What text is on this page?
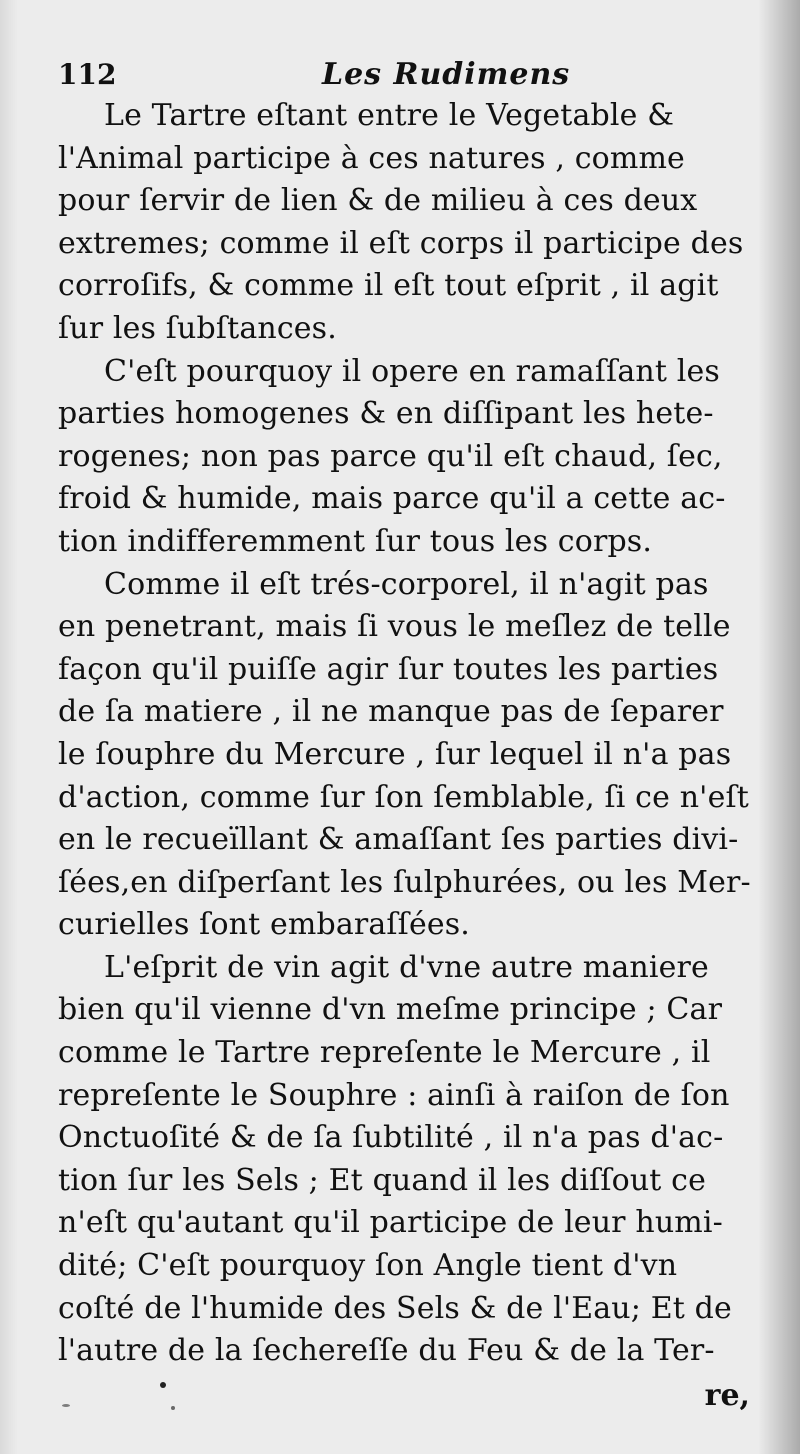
112	Les Rudimens
Le Tartre eſtant entre le Vegetable &
l'Animal participe à ces natures , comme
pour ſervir de lien & de milieu à ces deux
extremes; comme il eſt corps il participe des
corroſifs, & comme il eſt tout eſprit , il agit
ſur les ſubſtances.
C'eſt pourquoy il opere en ramaſſant les
parties homogenes & en diſſipant les hete-
rogenes; non pas parce qu'il eſt chaud, ſec,
froid & humide, mais parce qu'il a cette ac-
tion indifferemment ſur tous les corps.
Comme il eſt trés-corporel, il n'agit pas
en penetrant, mais ſi vous le meſlez de telle
façon qu'il puiſſe agir ſur toutes les parties
de ſa matiere , il ne manque pas de ſeparer
le ſouphre du Mercure , ſur lequel il n'a pas
d'action, comme ſur ſon ſemblable, ſi ce n'eſt
en le recueïllant & amaſſant ſes parties divi-
ſées,en diſperſant les ſulphurées, ou les Mer-
curielles ſont embaraſſées.
L'eſprit de vin agit d'vne autre maniere
bien qu'il vienne d'vn meſme principe ; Car
comme le Tartre repreſente le Mercure , il
repreſente le Souphre : ainſi à raiſon de ſon
Onctuoſité & de ſa ſubtilité , il n'a pas d'ac-
tion ſur les Sels ; Et quand il les diſſout ce
n'eſt qu'autant qu'il participe de leur humi-
dité; C'eſt pourquoy ſon Angle tient d'vn
coſté de l'humide des Sels & de l'Eau; Et de
l'autre de la ſechereſſe du Feu & de la Ter-
re,
